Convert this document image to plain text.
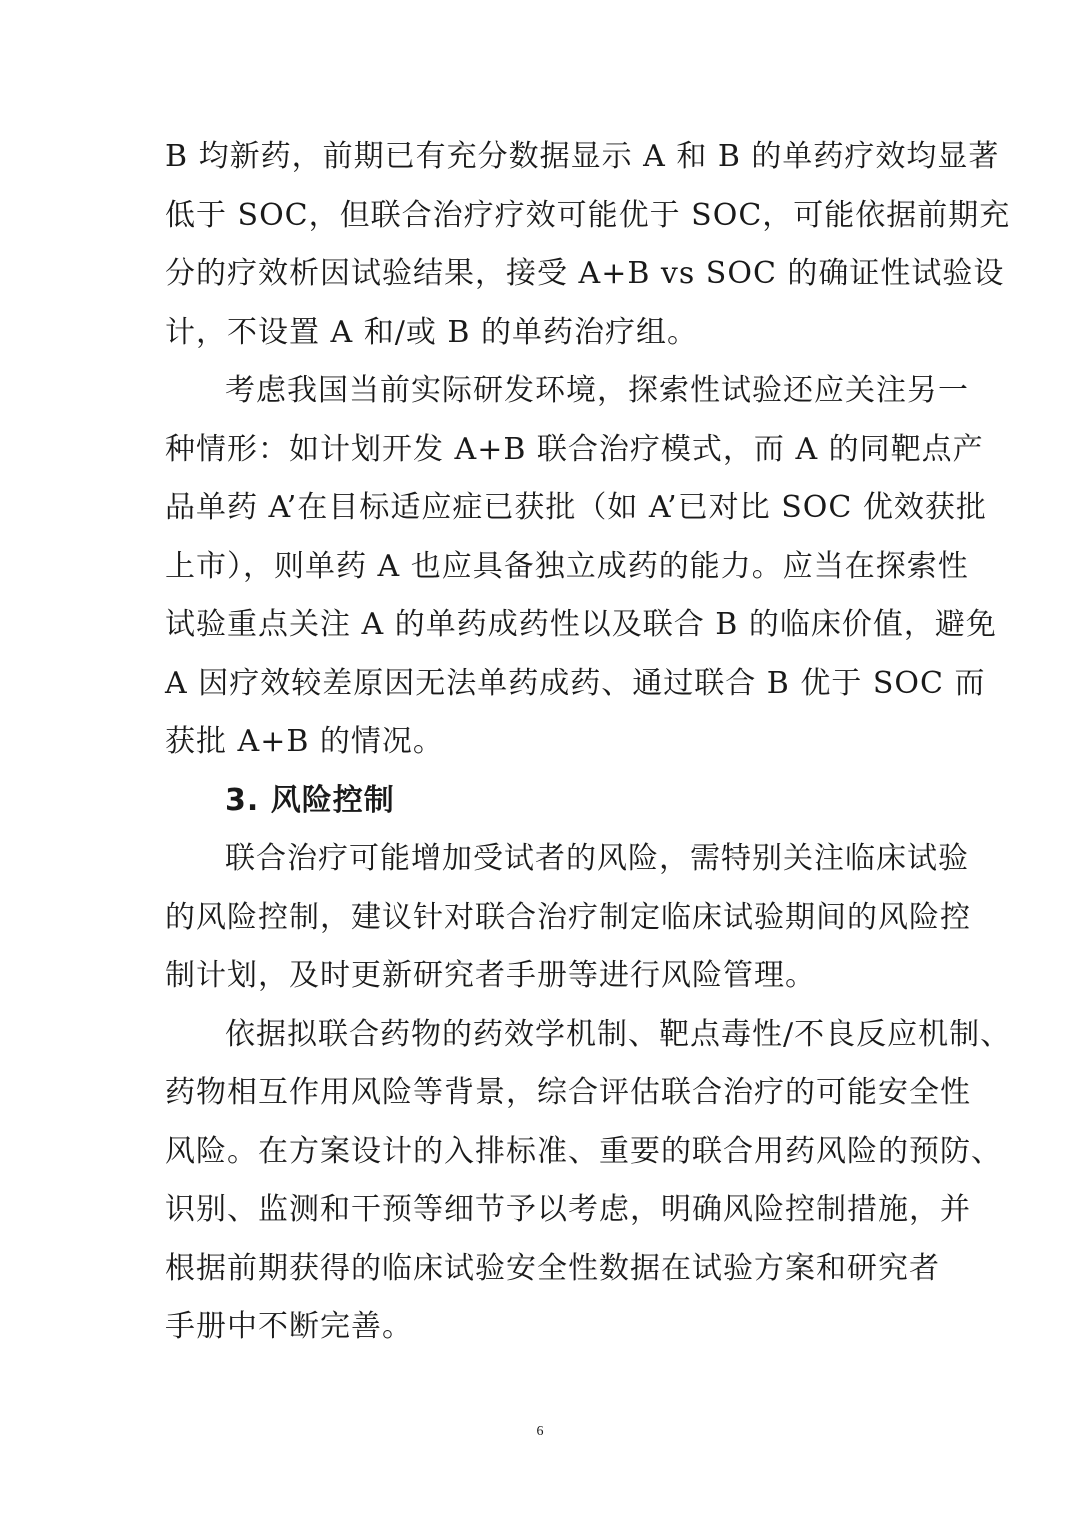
B 均新药，前期已有充分数据显示 A 和 B 的单药疗效均显著
低于 SOC，但联合治疗疗效可能优于 SOC，可能依据前期充
分的疗效析因试验结果，接受 A+B vs SOC 的确证性试验设
计，不设置 A 和/或 B 的单药治疗组。
考虑我国当前实际研发环境，探索性试验还应关注另一
种情形：如计划开发 A+B 联合治疗模式，而 A 的同靶点产
品单药 A’在目标适应症已获批（如 A’已对比 SOC 优效获批
上市），则单药 A 也应具备独立成药的能力。应当在探索性
试验重点关注 A 的单药成药性以及联合 B 的临床价值，避免
A 因疗效较差原因无法单药成药、通过联合 B 优于 SOC 而
获批 A+B 的情况。
3. 风险控制
联合治疗可能增加受试者的风险，需特别关注临床试验
的风险控制，建议针对联合治疗制定临床试验期间的风险控
制计划，及时更新研究者手册等进行风险管理。
依据拟联合药物的药效学机制、靶点毒性/不良反应机制、
药物相互作用风险等背景，综合评估联合治疗的可能安全性
风险。在方案设计的入排标准、重要的联合用药风险的预防、
识别、监测和干预等细节予以考虑，明确风险控制措施，并
根据前期获得的临床试验安全性数据在试验方案和研究者
手册中不断完善。
6
